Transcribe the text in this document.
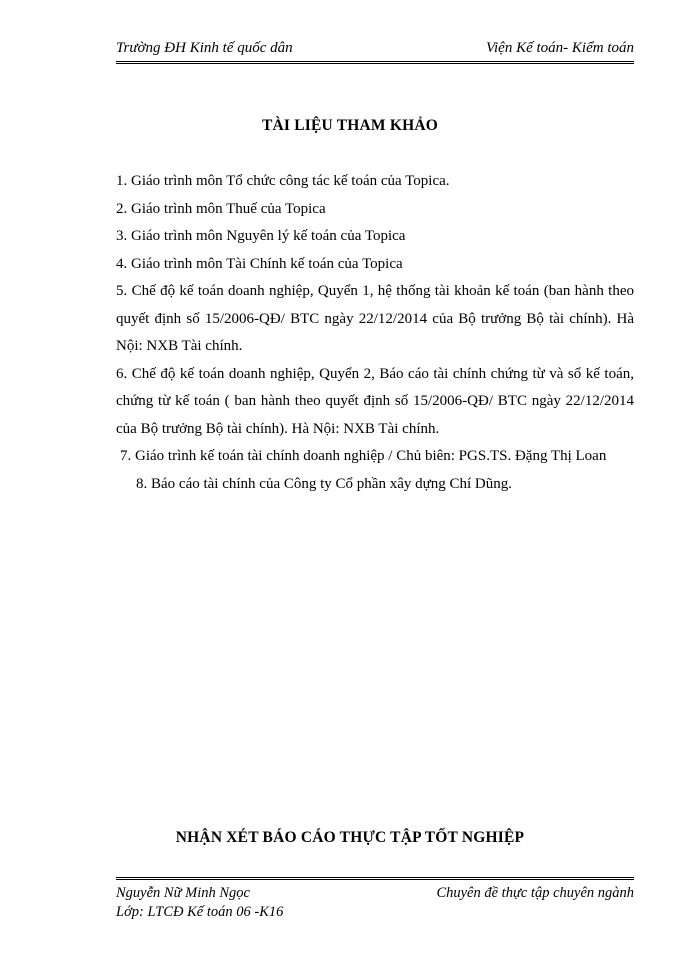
Trường ĐH Kinh tế quốc dân	Viện Kế toán- Kiểm toán
TÀI LIỆU THAM KHẢO

1. Giáo trình môn Tổ chức công tác kế toán của Topica.

2. Giáo trình môn Thuế của Topica

3. Giáo trình môn Nguyên lý kế toán của Topica

4. Giáo trình môn Tài Chính kế toán của Topica

5. Chế độ kế toán doanh nghiệp, Quyển 1, hệ thống tài khoản kế toán (ban hành theo quyết định số 15/2006-QĐ/ BTC ngày 22/12/2014 của Bộ trưởng Bộ tài chính). Hà Nội: NXB Tài chính.

6. Chế độ kế toán doanh nghiệp, Quyển 2, Báo cáo tài chính chứng từ và sổ kế toán, chứng từ kế toán ( ban hành theo quyết định số 15/2006-QĐ/ BTC ngày 22/12/2014 của Bộ trưởng Bộ tài chính). Hà Nội: NXB Tài chính.

7. Giáo trình kế toán tài chính doanh nghiệp / Chủ biên: PGS.TS. Đặng Thị Loan

8. Báo cáo tài chính của Công ty Cổ phần xây dựng Chí Dũng.

NHẬN XÉT BÁO CÁO THỰC TẬP TỐT NGHIỆP
Nguyễn Nữ Minh Ngọc	Chuyên đề thực tập chuyên ngành
Lớp: LTCĐ Kế toán 06 -K16
